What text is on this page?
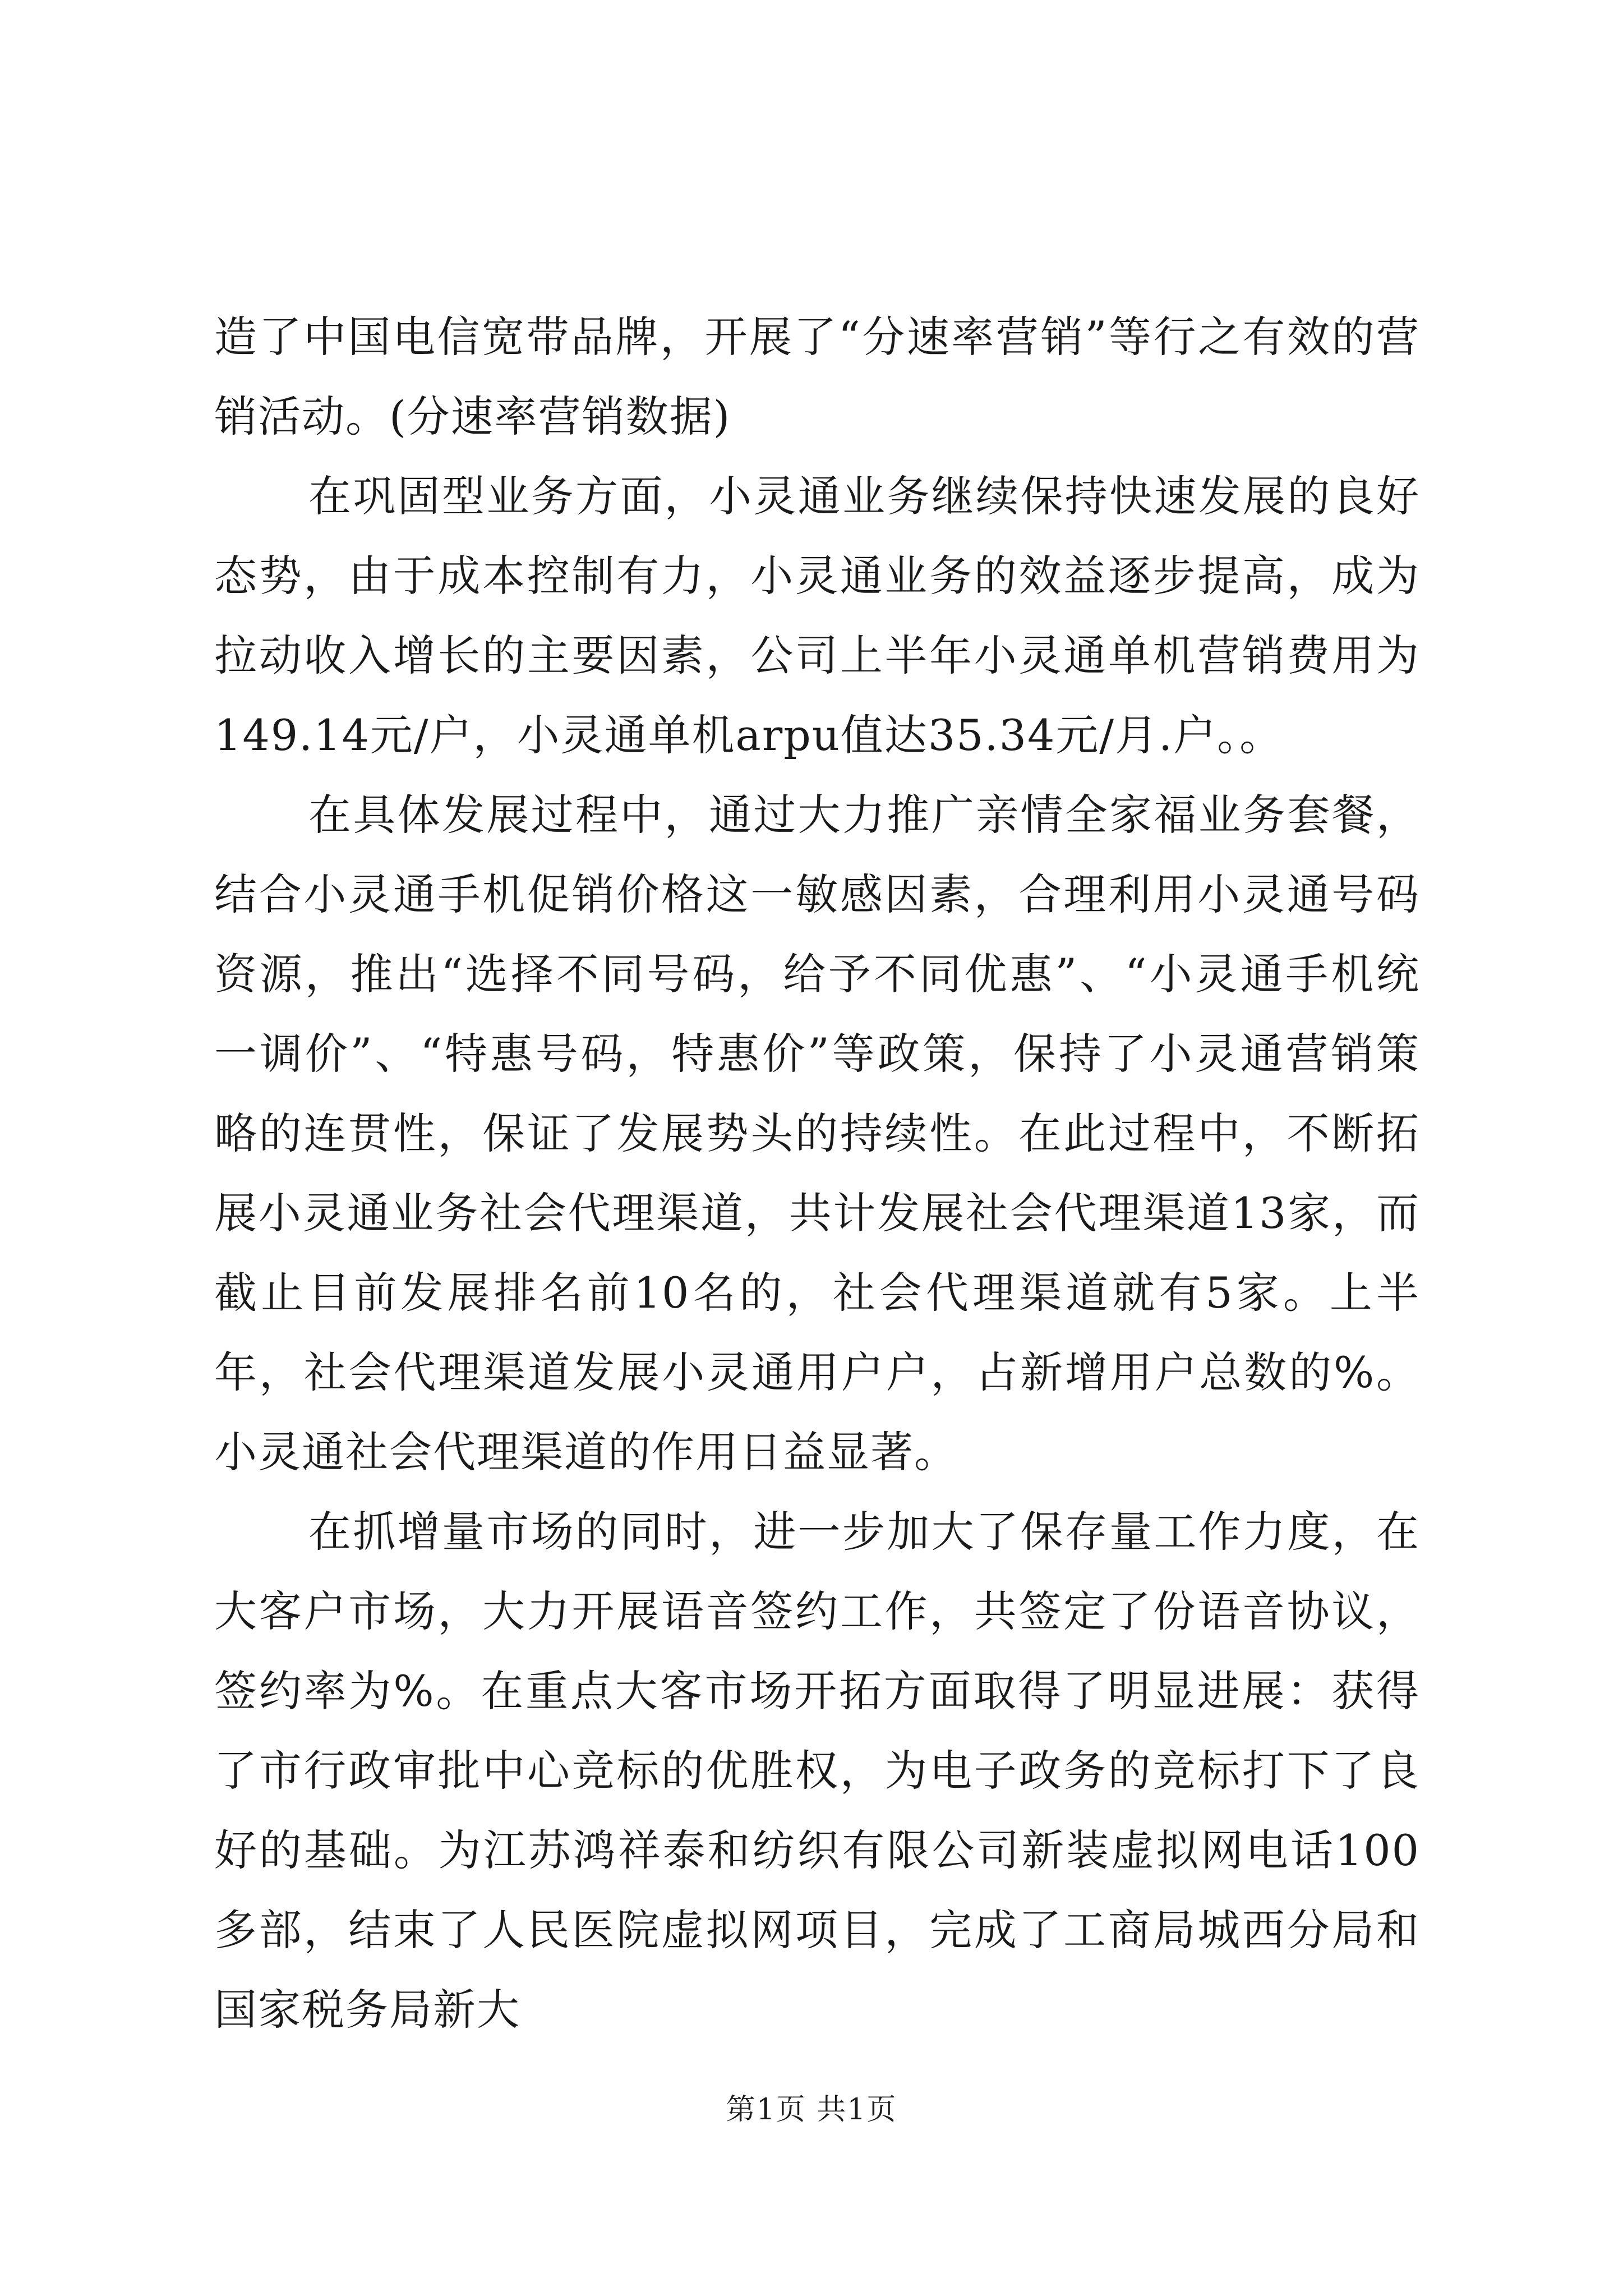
造了中国电信宽带品牌，开展了“分速率营销”等行之有效的营销活动。(分速率营销数据)

在巩固型业务方面，小灵通业务继续保持快速发展的良好态势，由于成本控制有力，小灵通业务的效益逐步提高，成为拉动收入增长的主要因素，公司上半年小灵通单机营销费用为149.14元/户，小灵通单机arpu值达35.34元/月.户。。

在具体发展过程中，通过大力推广亲情全家福业务套餐，结合小灵通手机促销价格这一敏感因素，合理利用小灵通号码资源，推出“选择不同号码，给予不同优惠”、“小灵通手机统一调价”、“特惠号码，特惠价”等政策，保持了小灵通营销策略的连贯性，保证了发展势头的持续性。在此过程中，不断拓展小灵通业务社会代理渠道，共计发展社会代理渠道13家，而截止目前发展排名前10名的，社会代理渠道就有5家。上半年，社会代理渠道发展小灵通用户户，占新增用户总数的%。小灵通社会代理渠道的作用日益显著。

在抓增量市场的同时，进一步加大了保存量工作力度，在大客户市场，大力开展语音签约工作，共签定了份语音协议，签约率为%。在重点大客市场开拓方面取得了明显进展：获得了市行政审批中心竞标的优胜权，为电子政务的竞标打下了良好的基础。为江苏鸿祥泰和纺织有限公司新装虚拟网电话100多部，结束了人民医院虚拟网项目，完成了工商局城西分局和国家税务局新大

第1页 共1页
